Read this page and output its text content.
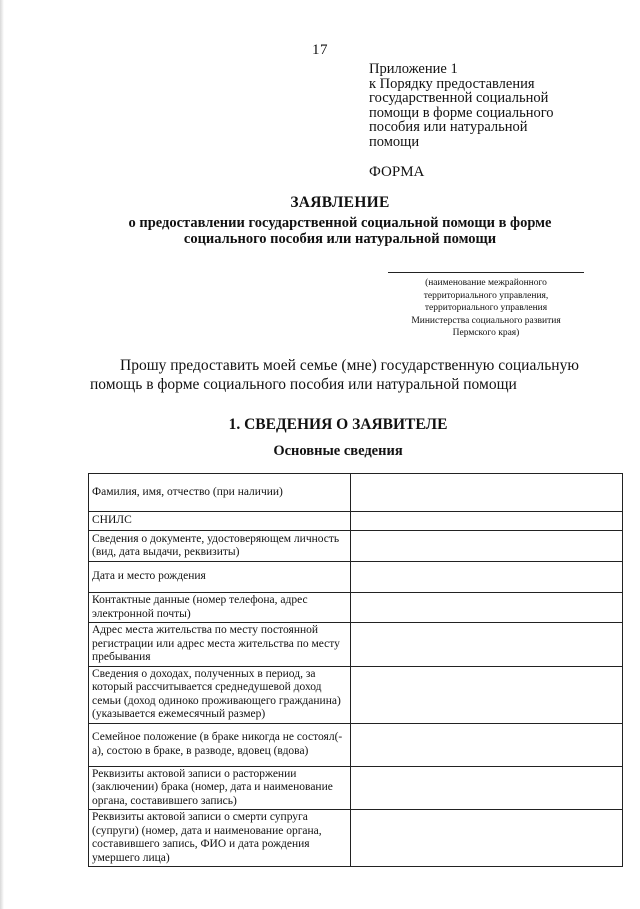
17
Приложение 1
к Порядку предоставления
государственной социальной
помощи в форме социального
пособия или натуральной
помощи
ФОРМА
ЗАЯВЛЕНИЕ
о предоставлении государственной социальной помощи в форме
социального пособия или натуральной помощи
(наименование межрайонного
территориального управления,
территориального управления
Министерства социального развития
Пермского края)
Прошу предоставить моей семье (мне) государственную социальную
помощь в форме социального пособия или натуральной помощи
1. СВЕДЕНИЯ О ЗАЯВИТЕЛЕ
Основные сведения
Фамилия, имя, отчество (при наличии)	
СНИЛС	
Сведения о документе, удостоверяющем личность (вид, дата выдачи, реквизиты)	
Дата и место рождения	
Контактные данные (номер телефона, адрес электронной почты)	
Адрес места жительства по месту постоянной регистрации или адрес места жительства по месту пребывания	
Сведения о доходах, полученных в период, за который рассчитывается среднедушевой доход семьи (доход одиноко проживающего гражданина) (указывается ежемесячный размер)	
Семейное положение (в браке никогда не состоял(-а), состою в браке, в разводе, вдовец (вдова)	
Реквизиты актовой записи о расторжении (заключении) брака (номер, дата и наименование органа, составившего запись)	
Реквизиты актовой записи о смерти супруга (супруги) (номер, дата и наименование органа, составившего запись, ФИО и дата рождения умершего лица)	
